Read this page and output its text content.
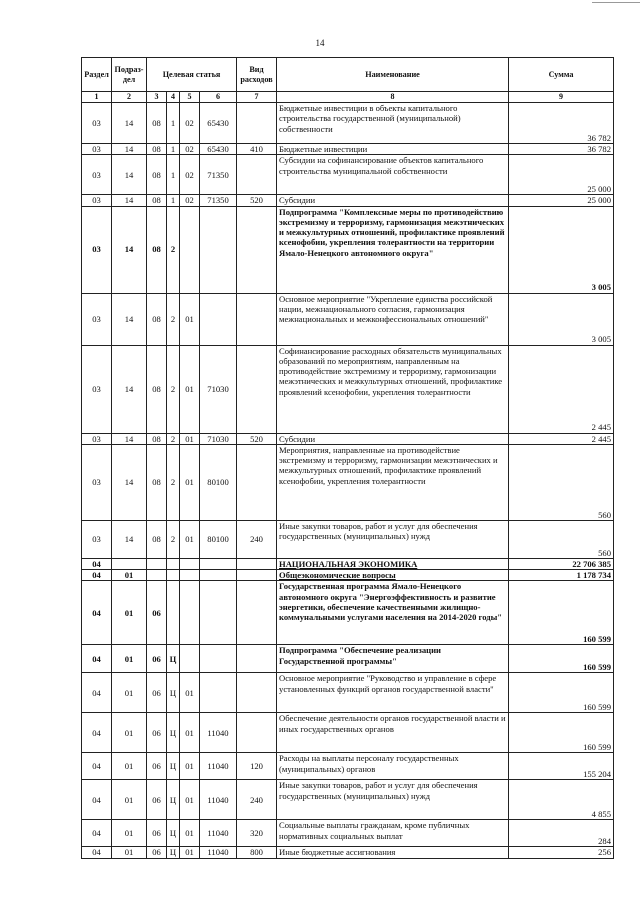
14
Раздел	Подраз-дел	Целевая статья				Вид расходов	Наименование	Сумма
1	2	3	4	5	6	7	8	9
03	14	08	1	02	65430		Бюджетные инвестиции в объекты капитального строительства государственной (муниципальной) собственности	36 782
03	14	08	1	02	65430	410	Бюджетные инвестиции	36 782
03	14	08	1	02	71350		Субсидии на софинансирование объектов капитального строительства муниципальной собственности	25 000
03	14	08	1	02	71350	520	Субсидии	25 000
03	14	08	2				Подпрограмма "Комплексные меры по противодействию экстремизму и терроризму, гармонизация межэтнических и межкультурных отношений, профилактике проявлений ксенофобии, укрепления толерантности на территории Ямало-Ненецкого автономного округа"	3 005
03	14	08	2	01			Основное мероприятие "Укрепление единства российской нации, межнационального согласия, гармонизация межнациональных и межконфессиональных отношений"	3 005
03	14	08	2	01	71030		Софинансирование расходных обязательств муниципальных образований по мероприятиям, направленным на противодействие экстремизму и терроризму, гармонизации межэтнических и межкультурных отношений, профилактике проявлений ксенофобии, укрепления толерантности	2 445
03	14	08	2	01	71030	520	Субсидии	2 445
03	14	08	2	01	80100		Мероприятия, направленные на противодействие экстремизму и терроризму, гармонизации межэтнических и межкультурных отношений, профилактике проявлений ксенофобии, укрепления толерантности	560
03	14	08	2	01	80100	240	Иные закупки товаров, работ и услуг для обеспечения государственных (муниципальных) нужд	560
04							НАЦИОНАЛЬНАЯ ЭКОНОМИКА	22 706 385
04	01						Общеэкономические вопросы	1 178 734
04	01	06					Государственная программа Ямало-Ненецкого автономного округа "Энергоэффективность и развитие энергетики, обеспечение качественными жилищно-коммунальными услугами населения на 2014-2020 годы"	160 599
04	01	06	Ц				Подпрограмма "Обеспечение реализации Государственной программы"	160 599
04	01	06	Ц	01			Основное мероприятие "Руководство и управление в сфере установленных функций органов государственной власти"	160 599
04	01	06	Ц	01	11040		Обеспечение деятельности органов государственной власти и иных государственных органов	160 599
04	01	06	Ц	01	11040	120	Расходы на выплаты персоналу государственных (муниципальных) органов	155 204
04	01	06	Ц	01	11040	240	Иные закупки товаров, работ и услуг для обеспечения государственных (муниципальных) нужд	4 855
04	01	06	Ц	01	11040	320	Социальные выплаты гражданам, кроме публичных нормативных социальных выплат	284
04	01	06	Ц	01	11040	800	Иные бюджетные ассигнования	256
